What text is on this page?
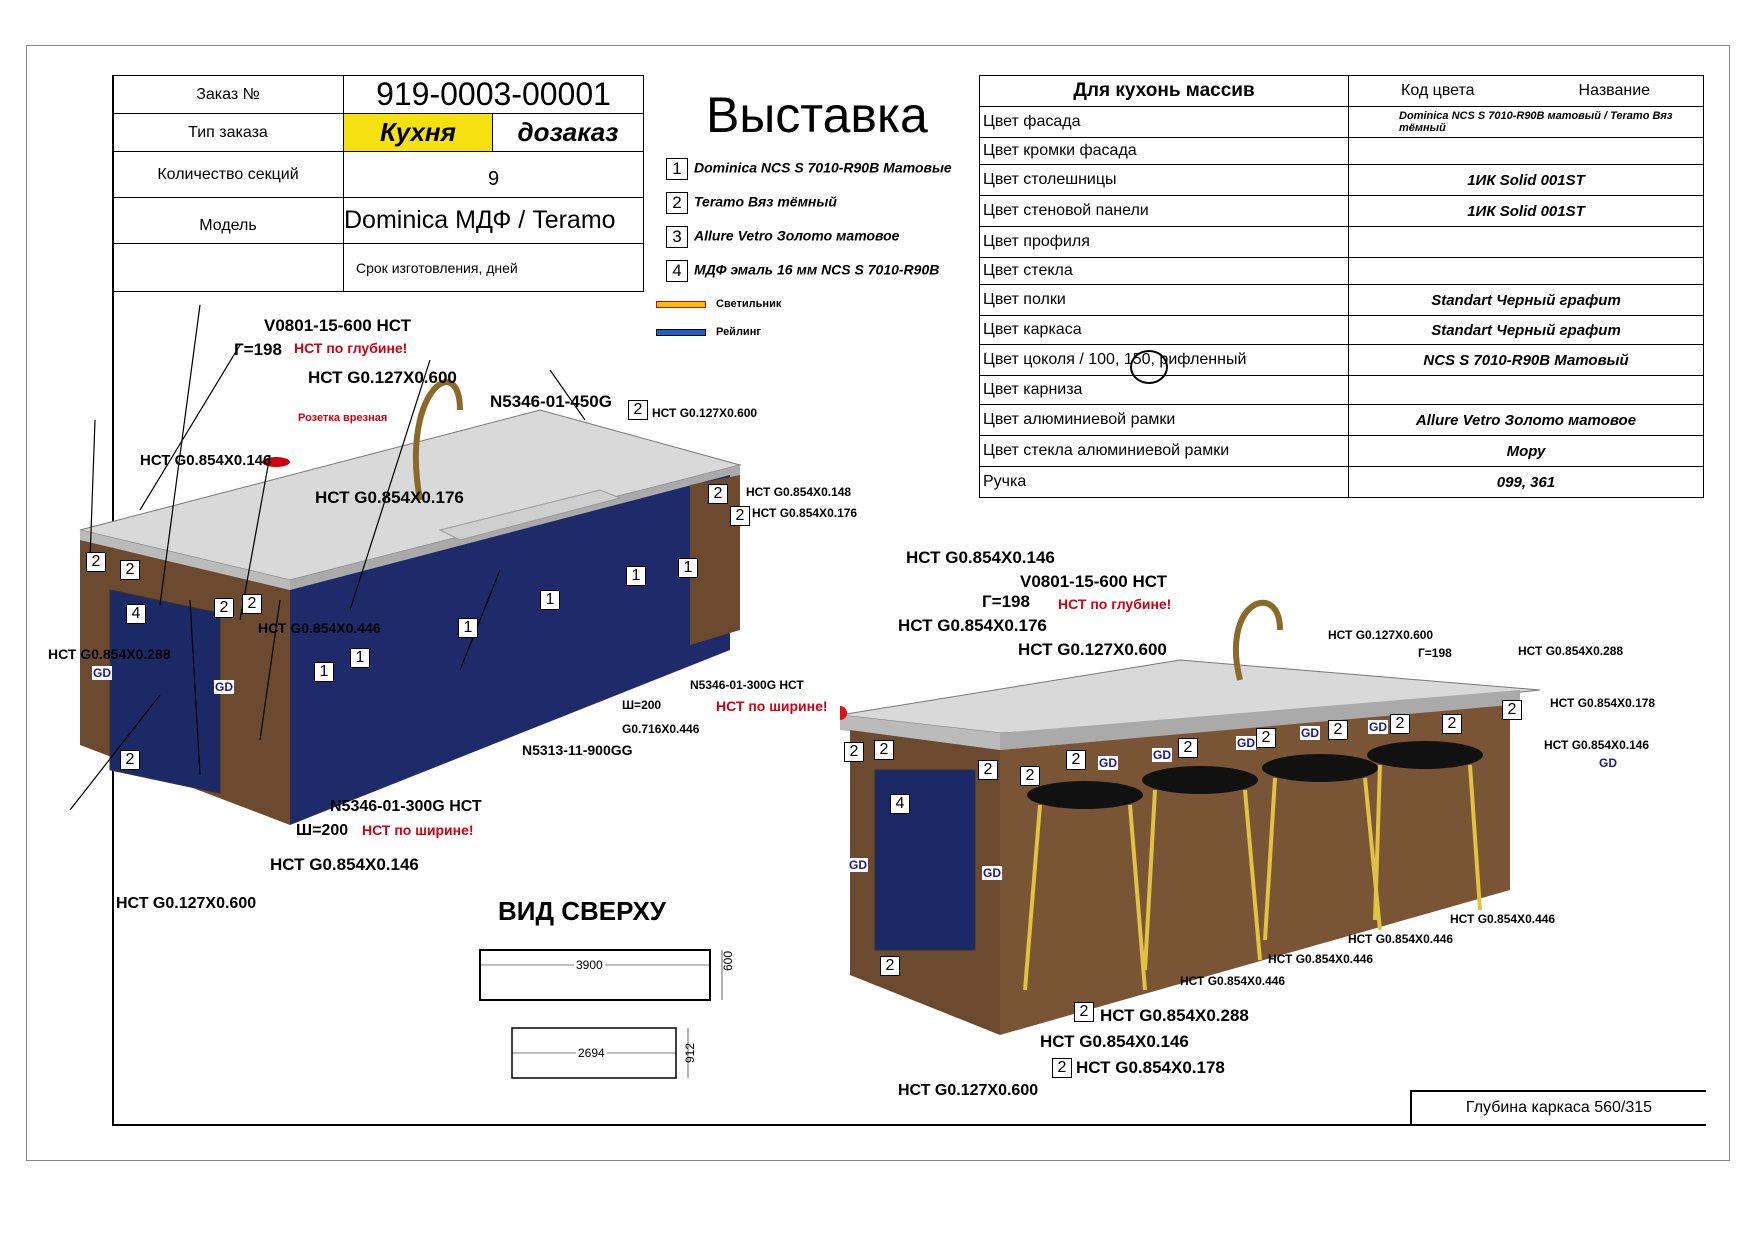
Заказ №	919-0003-00001	
Тип заказа	Кухня	дозаказ
Количество секций	9	
Модель	Dominica МДФ / Teramo	
	Срок изготовления, дней	
Выставка
1 Dominica NCS S 7010-R90B Матовые
2 Teramo Вяз тёмный
3 Allure Vetro Золото матовое
4 МДФ эмаль 16 мм NCS S 7010-R90B
Светильник
Рейлинг
Для кухонь массив	Код цвета Название
Цвет фасада	Dominica NCS S 7010-R90B матовый / Teramo Вяз тёмный
Цвет кромки фасада	
Цвет столешницы	1ИК Solid 001ST
Цвет стеновой панели	1ИК Solid 001ST
Цвет профиля	
Цвет стекла	
Цвет полки	Standart Черный графит
Цвет каркаса	Standart Черный графит
Цвет цоколя / 100, 150, рифленный	NCS S 7010-R90B Матовый
Цвет карниза	
Цвет алюминиевой рамки	Allure Vetro Золото матовое
Цвет стекла алюминиевой рамки	Мору
Ручка	099, 361
V0801-15-600 НСТ
Г=198 НСТ по глубине!
НСТ G0.127X0.600
N5346-01-450G
Розетка врезная	НСТ G0.127X0.600
НСТ G0.854X0.146
НСТ G0.854X0.176	НСТ G0.854X0.148
НСТ G0.854X0.176
НСТ G0.854X0.288
НСТ G0.854X0.446
N5346-01-300G НСТ
Ш=200	НСТ по ширине!
G0.716X0.446
N5313-11-900GG
N5346-01-300G НСТ
Ш=200 НСТ по ширине!
НСТ G0.854X0.146
НСТ G0.127X0.600
2	2
4	2	2
2
1
1
1
1
1	1
2
2
2
GD
GD
ВИД СВЕРХУ
3900	600
2694	912
НСТ G0.854X0.146
V0801-15-600 НСТ
Г=198 НСТ по глубине!
НСТ G0.854X0.176
НСТ G0.127X0.600
НСТ G0.127X0.600
Г=198	НСТ G0.854X0.288
НСТ G0.854X0.178
НСТ G0.854X0.146
НСТ G0.854X0.446
НСТ G0.854X0.446
НСТ G0.854X0.446
НСТ G0.854X0.446
НСТ G0.854X0.288
НСТ G0.854X0.146
НСТ G0.854X0.178
НСТ G0.127X0.600
2	2
4
2	2
2
2
2	2	2	2
2
2
2
2
GD
GD
GD
GD	GD
GD
GD
GD
Глубина каркаса 560/315
